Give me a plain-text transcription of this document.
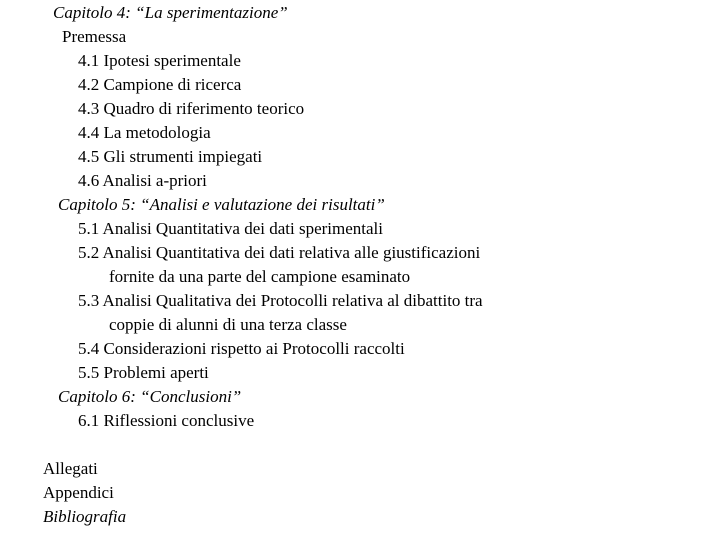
Capitolo 4: “La sperimentazione”
Premessa
4.1 Ipotesi sperimentale
4.2 Campione di ricerca
4.3 Quadro di riferimento teorico
4.4 La metodologia
4.5 Gli strumenti impiegati
4.6 Analisi a-priori
Capitolo 5: “Analisi e valutazione dei risultati”
5.1 Analisi Quantitativa dei dati sperimentali
5.2 Analisi Quantitativa dei dati relativa alle giustificazioni
fornite da una parte del campione esaminato
5.3 Analisi Qualitativa dei Protocolli relativa al dibattito tra
coppie di alunni di una terza classe
5.4 Considerazioni rispetto ai Protocolli raccolti
5.5 Problemi aperti
Capitolo 6: “Conclusioni”
6.1 Riflessioni conclusive
Allegati
Appendici
Bibliografia
